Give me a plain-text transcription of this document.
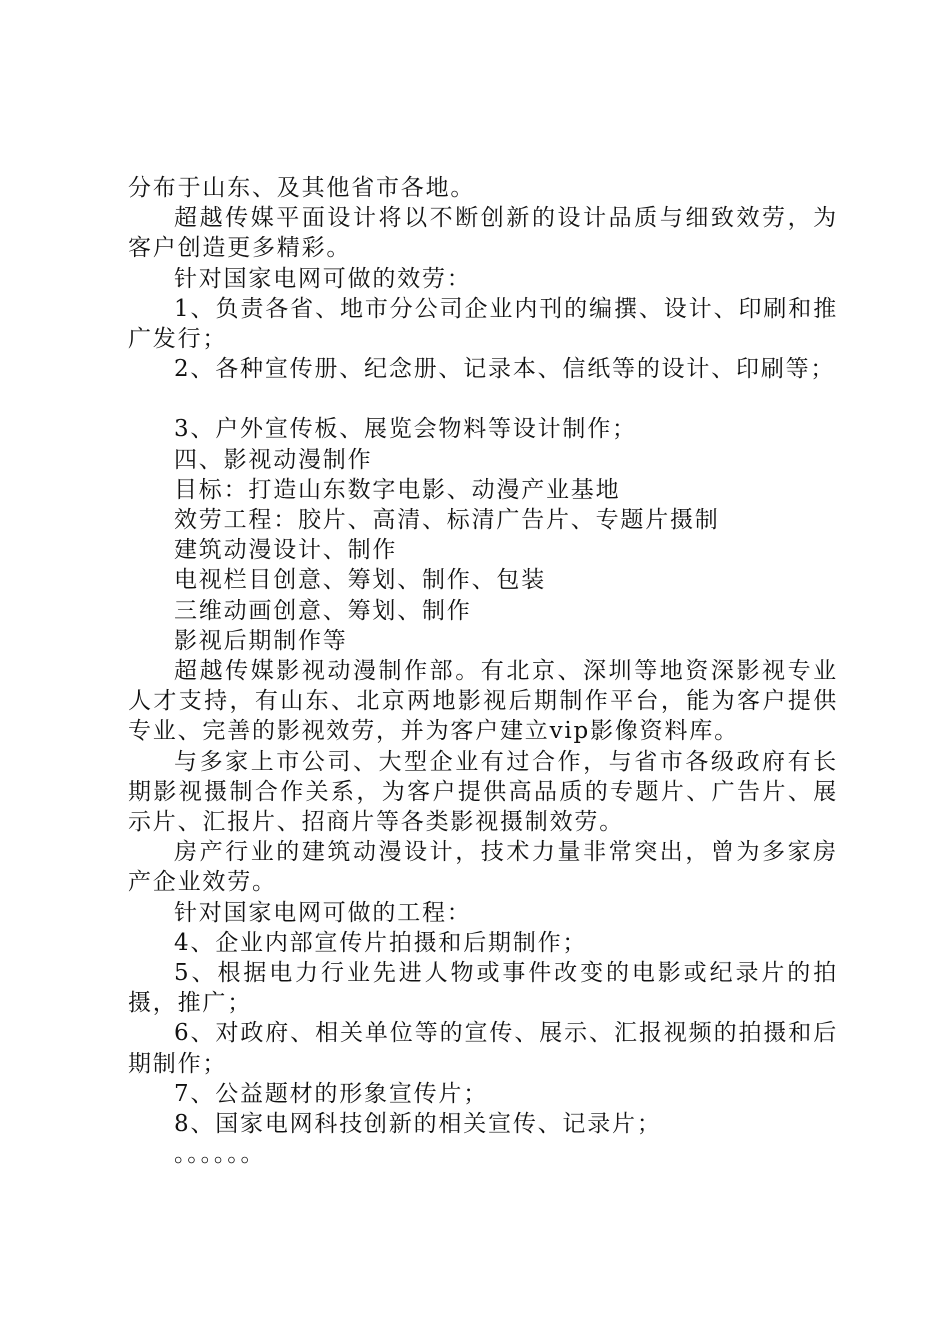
分布于山东、及其他省市各地。

超越传媒平面设计将以不断创新的设计品质与细致效劳，为客户创造更多精彩。

针对国家电网可做的效劳：

1、负责各省、地市分公司企业内刊的编撰、设计、印刷和推广发行；

2、各种宣传册、纪念册、记录本、信纸等的设计、印刷等；

3、户外宣传板、展览会物料等设计制作；

四、影视动漫制作

目标：打造山东数字电影、动漫产业基地

效劳工程：胶片、高清、标清广告片、专题片摄制

建筑动漫设计、制作

电视栏目创意、筹划、制作、包装

三维动画创意、筹划、制作

影视后期制作等

超越传媒影视动漫制作部。有北京、深圳等地资深影视专业人才支持，有山东、北京两地影视后期制作平台，能为客户提供专业、完善的影视效劳，并为客户建立vip影像资料库。

与多家上市公司、大型企业有过合作，与省市各级政府有长期影视摄制合作关系，为客户提供高品质的专题片、广告片、展示片、汇报片、招商片等各类影视摄制效劳。

房产行业的建筑动漫设计，技术力量非常突出，曾为多家房产企业效劳。

针对国家电网可做的工程：

4、企业内部宣传片拍摄和后期制作；

5、根据电力行业先进人物或事件改变的电影或纪录片的拍摄，推广；

6、对政府、相关单位等的宣传、展示、汇报视频的拍摄和后期制作；

7、公益题材的形象宣传片；

8、国家电网科技创新的相关宣传、记录片；

。。。。。。
